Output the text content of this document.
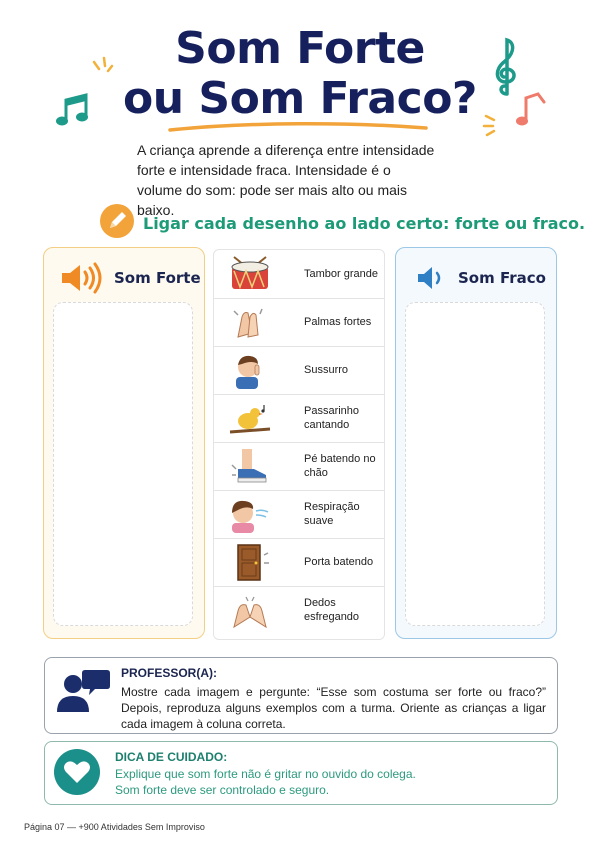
Som Forte
ou Som Fraco?
A criança aprende a diferença entre intensidade forte e intensidade fraca. Intensidade é o volume do som: pode ser mais alto ou mais baixo.
Ligar cada desenho ao lado certo: forte ou fraco.
Som Forte	Som Fraco
Tambor grande
Palmas fortes
Sussurro
Passarinho cantando
Pé batendo no chão
Respiração suave
Porta batendo
Dedos esfregando
PROFESSOR(A):
Mostre cada imagem e pergunte: “Esse som costuma ser forte ou fraco?” Depois, reproduza alguns exemplos com a turma. Oriente as crianças a ligar cada imagem à coluna correta.
DICA DE CUIDADO:
Explique que som forte não é gritar no ouvido do colega.
Som forte deve ser controlado e seguro.
Página 07 — +900 Atividades Sem Improviso
